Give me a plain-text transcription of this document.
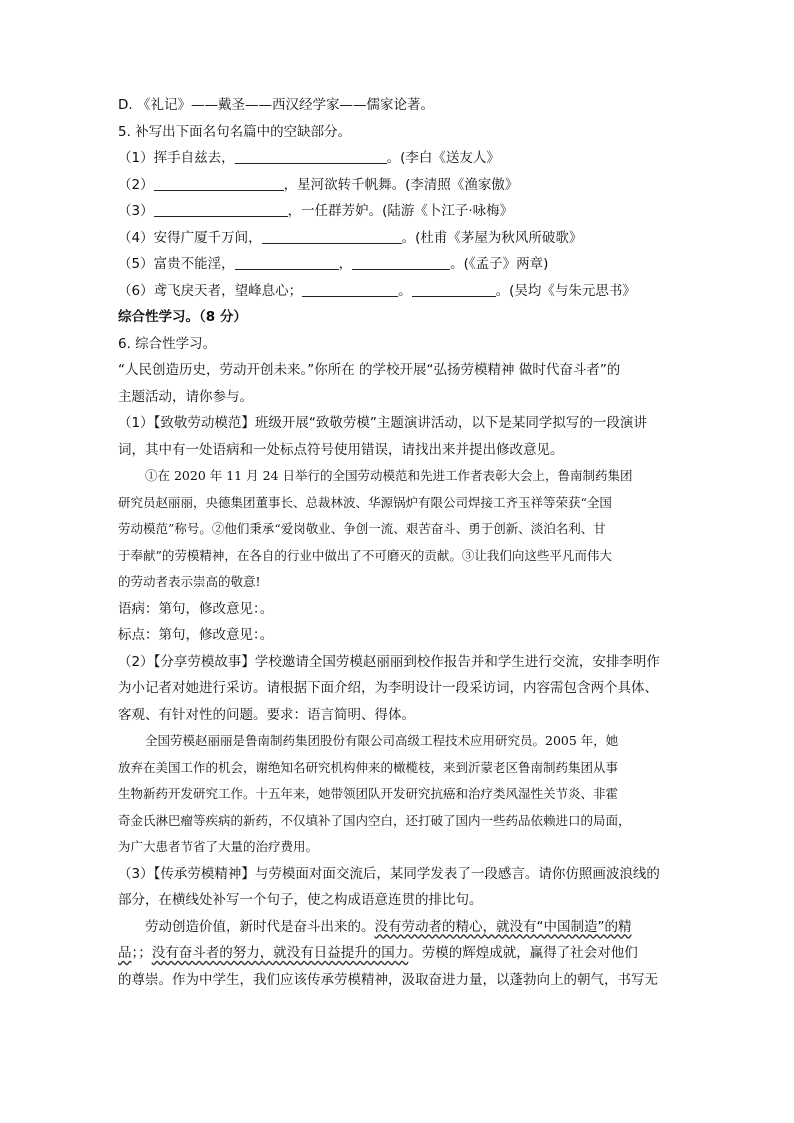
D. 《礼记》——戴圣——西汉经学家——儒家论著。
5. 补写出下面名句名篇中的空缺部分。
（1）挥手自兹去，	。(李白《送友人》
（2）	，星河欲转千帆舞。(李清照《渔家傲》
（3）	，一任群芳妒。(陆游《卜江子·咏梅》
（4）安得广厦千万间，	。(杜甫《茅屋为秋风所破歌》
（5）富贵不能淫，	，	。(《孟子》两章)
（6）鸢飞戾天者，望峰息心；	。	。(吴均《与朱元思书》
综合性学习。（8 分）
6. 综合性学习。
“人民创造历史，劳动开创未来。”你所在 的学校开展“弘扬劳模精神 做时代奋斗者”的
主题活动，请你参与。
（1）【致敬劳动模范】班级开展“致敬劳模”主题演讲活动，以下是某同学拟写的一段演讲
词，其中有一处语病和一处标点符号使用错误，请找出来并提出修改意见。
①在 2020 年 11 月 24 日举行的全国劳动模范和先进工作者表彰大会上，鲁南制药集团
研究员赵丽丽，央德集团董事长、总裁林波、华源锅炉有限公司焊接工齐玉祥等荣获“全国
劳动模范”称号。②他们秉承“爱岗敬业、争创一流、艰苦奋斗、勇于创新、淡泊名利、甘
于奉献”的劳模精神，在各自的行业中做出了不可磨灭的贡献。③让我们向这些平凡而伟大
的劳动者表示崇高的敬意!
语病：第句，修改意见：。
标点：第句，修改意见：。
（2）【分享劳模故事】学校邀请全国劳模赵丽丽到校作报告并和学生进行交流，安排李明作
为小记者对她进行采访。请根据下面介绍，为李明设计一段采访词，内容需包含两个具体、
客观、有针对性的问题。要求：语言简明、得体。
全国劳模赵丽丽是鲁南制药集团股份有限公司高级工程技术应用研究员。2005 年，她
放弃在美国工作的机会，谢绝知名研究机构伸来的橄榄枝，来到沂蒙老区鲁南制药集团从事
生物新药开发研究工作。十五年来，她带领团队开发研究抗癌和治疗类风湿性关节炎、非霍
奇金氏淋巴瘤等疾病的新药，不仅填补了国内空白，还打破了国内一些药品依赖进口的局面，
为广大患者节省了大量的治疗费用。
（3）【传承劳模精神】与劳模面对面交流后，某同学发表了一段感言。请你仿照画波浪线的
部分，在横线处补写一个句子，使之构成语意连贯的排比句。
劳动创造价值，新时代是奋斗出来的。没有劳动者的精心，就没有“中国制造”的精
品；；没有奋斗者的努力，就没有日益提升的国力。劳模的辉煌成就，赢得了社会对他们
的尊崇。作为中学生，我们应该传承劳模精神，汲取奋进力量，以蓬勃向上的朝气，书写无
